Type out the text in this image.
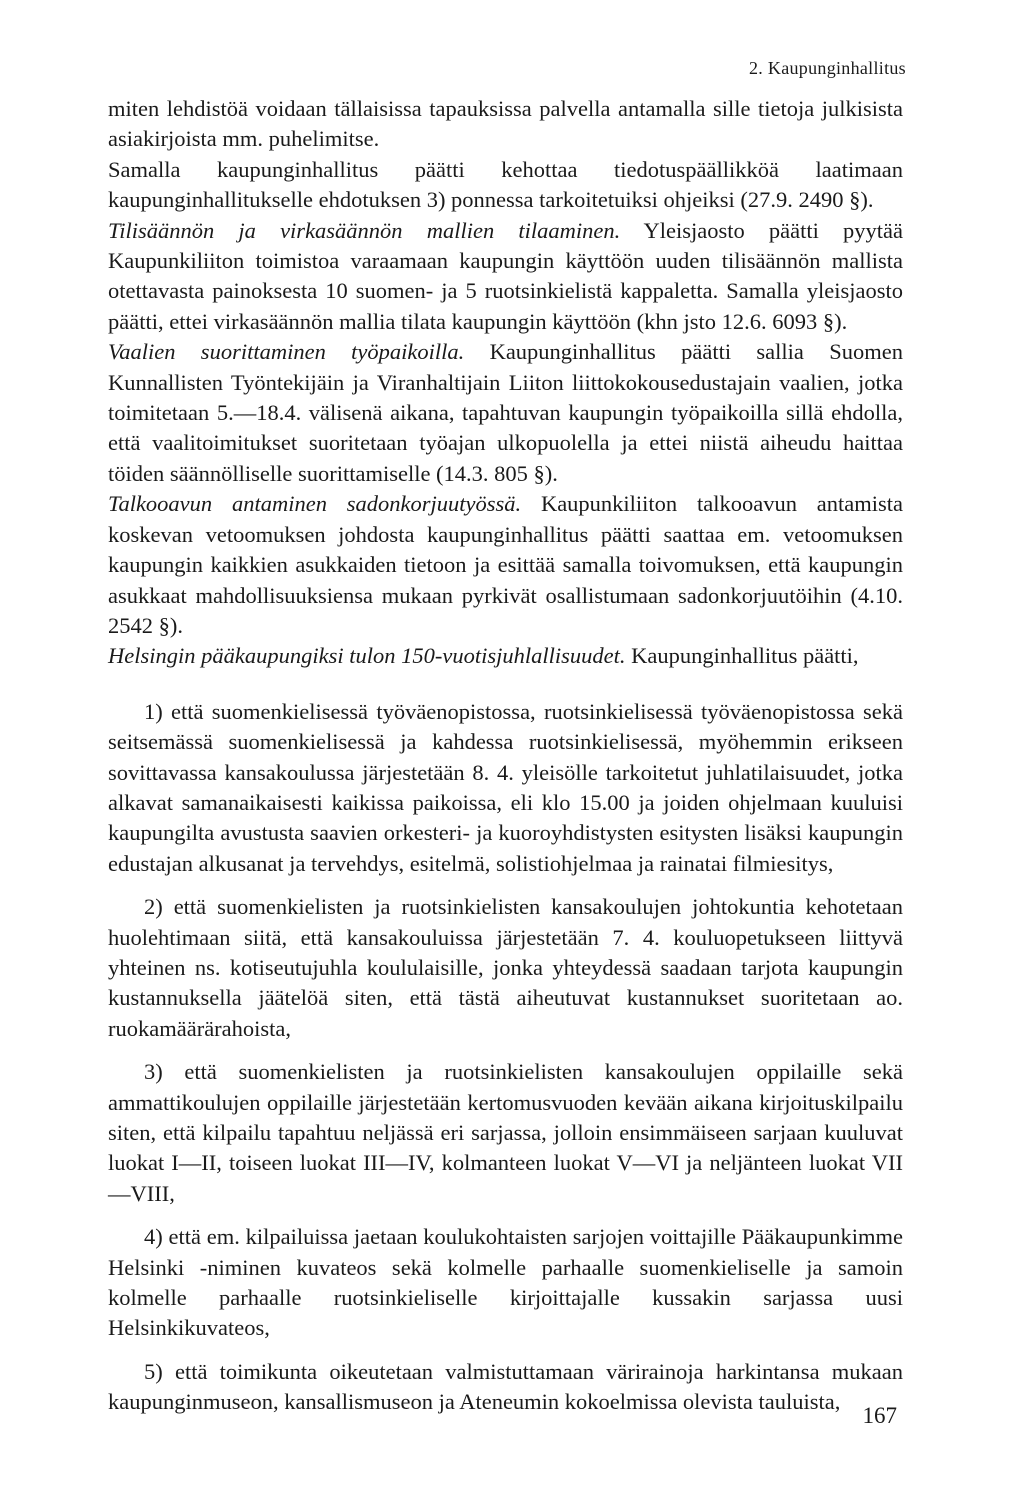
2. Kaupunginhallitus

miten lehdistöä voidaan tällaisissa tapauksissa palvella antamalla sille tietoja julkisista asiakirjoista mm. puhelimitse.

Samalla kaupunginhallitus päätti kehottaa tiedotuspäällikköä laatimaan kaupunginhallitukselle ehdotuksen 3) ponnessa tarkoitetuiksi ohjeiksi (27.9. 2490 §).

Tilisäännön ja virkasäännön mallien tilaaminen. Yleisjaosto päätti pyytää Kaupunkiliiton toimistoa varaamaan kaupungin käyttöön uuden tilisäännön mallista otettavasta painoksesta 10 suomen- ja 5 ruotsinkielistä kappaletta. Samalla yleisjaosto päätti, ettei virkasäännön mallia tilata kaupungin käyttöön (khn jsto 12.6. 6093 §).

Vaalien suorittaminen työpaikoilla. Kaupunginhallitus päätti sallia Suomen Kunnallisten Työntekijäin ja Viranhaltijain Liiton liittokokousedustajain vaalien, jotka toimitetaan 5.—18.4. välisenä aikana, tapahtuvan kaupungin työpaikoilla sillä ehdolla, että vaalitoimitukset suoritetaan työajan ulkopuolella ja ettei niistä aiheudu haittaa töiden säännölliselle suorittamiselle (14.3. 805 §).

Talkooavun antaminen sadonkorjuutyössä. Kaupunkiliiton talkooavun antamista koskevan vetoomuksen johdosta kaupunginhallitus päätti saattaa em. vetoomuksen kaupungin kaikkien asukkaiden tietoon ja esittää samalla toivomuksen, että kaupungin asukkaat mahdollisuuksiensa mukaan pyrkivät osallistumaan sadonkorjuutöihin (4.10. 2542 §).

Helsingin pääkaupungiksi tulon 150-vuotisjuhlallisuudet. Kaupunginhallitus päätti,

1) että suomenkielisessä työväenopistossa, ruotsinkielisessä työväenopistossa sekä seitsemässä suomenkielisessä ja kahdessa ruotsinkielisessä, myöhemmin erikseen sovittavassa kansakoulussa järjestetään 8. 4. yleisölle tarkoitetut juhlatilaisuudet, jotka alkavat samanaikaisesti kaikissa paikoissa, eli klo 15.00 ja joiden ohjelmaan kuuluisi kaupungilta avustusta saavien orkesteri- ja kuoroyhdistysten esitysten lisäksi kaupungin edustajan alkusanat ja tervehdys, esitelmä, solistiohjelmaa ja rainatai filmiesitys,

2) että suomenkielisten ja ruotsinkielisten kansakoulujen johtokuntia kehotetaan huolehtimaan siitä, että kansakouluissa järjestetään 7. 4. kouluopetukseen liittyvä yhteinen ns. kotiseutujuhla koululaisille, jonka yhteydessä saadaan tarjota kaupungin kustannuksella jäätelöä siten, että tästä aiheutuvat kustannukset suoritetaan ao. ruokamäärärahoista,

3) että suomenkielisten ja ruotsinkielisten kansakoulujen oppilaille sekä ammattikoulujen oppilaille järjestetään kertomusvuoden kevään aikana kirjoituskilpailu siten, että kilpailu tapahtuu neljässä eri sarjassa, jolloin ensimmäiseen sarjaan kuuluvat luokat I—II, toiseen luokat III—IV, kolmanteen luokat V—VI ja neljänteen luokat VII—VIII,

4) että em. kilpailuissa jaetaan koulukohtaisten sarjojen voittajille Pääkaupunkimme Helsinki -niminen kuvateos sekä kolmelle parhaalle suomenkieliselle ja samoin kolmelle parhaalle ruotsinkieliselle kirjoittajalle kussakin sarjassa uusi Helsinkikuvateos,

5) että toimikunta oikeutetaan valmistuttamaan värirainoja harkintansa mukaan kaupunginmuseon, kansallismuseon ja Ateneumin kokoelmissa olevista tauluista,

167
